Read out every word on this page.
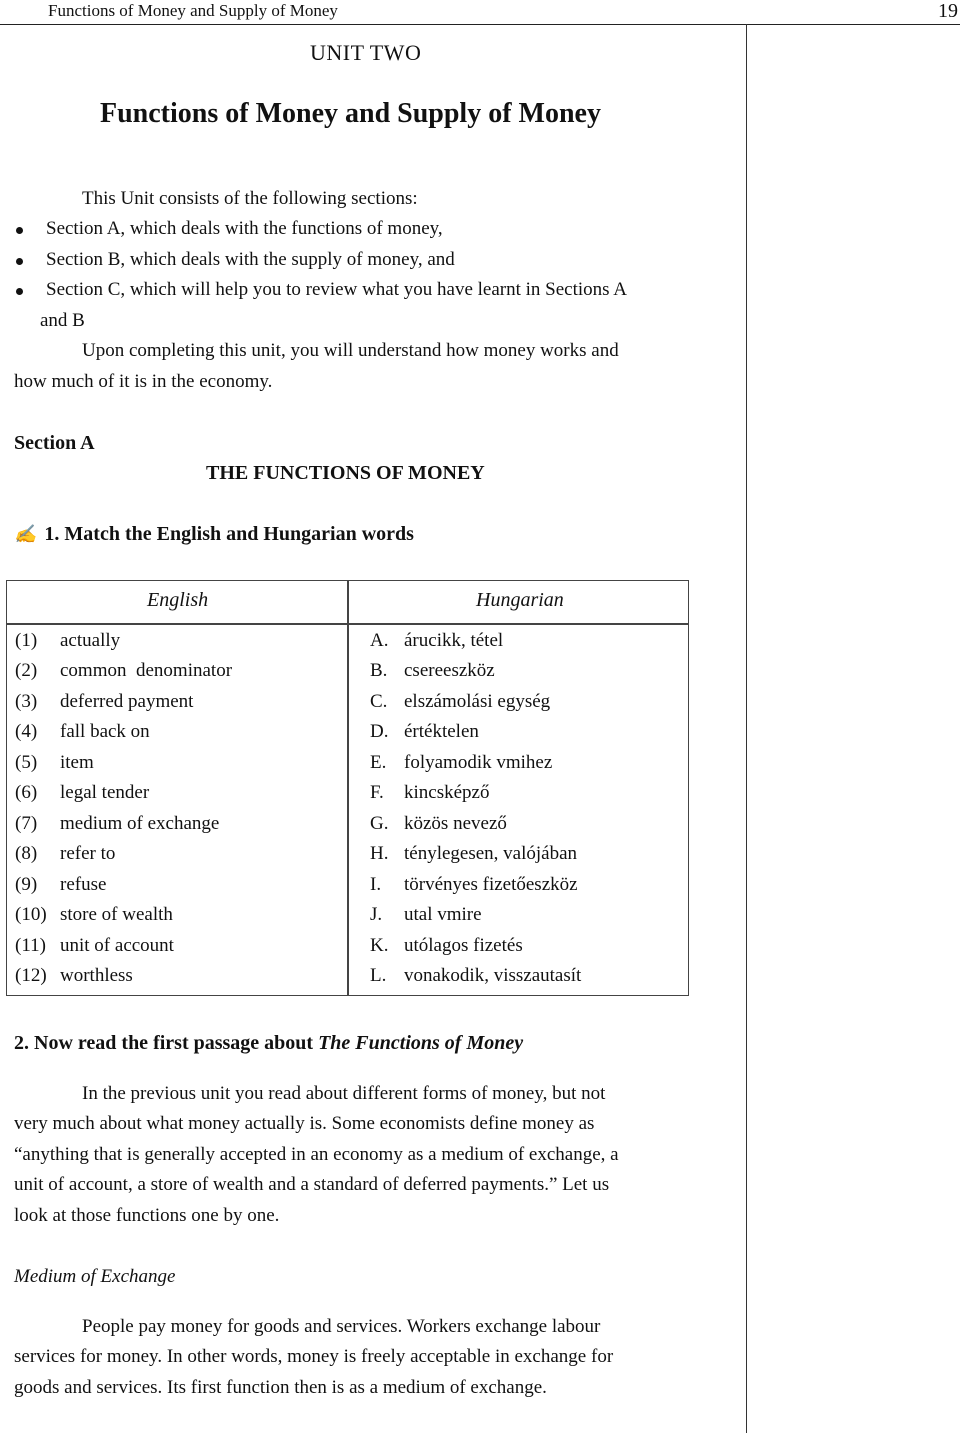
Functions of Money and Supply of Money	19
UNIT TWO
Functions of Money and Supply of Money
This Unit consists of the following sections:
Section A, which deals with the functions of money,
Section B, which deals with the supply of money, and
Section C, which will help you to review what you have learnt in Sections A
and B
Upon completing this unit, you will understand how money works and
how much of it is in the economy.
Section A
THE FUNCTIONS OF MONEY
✍ 1. Match the English and Hungarian words
English	Hungarian
(1) actually
(2) common  denominator
(3) deferred payment
(4) fall back on
(5) item
(6) legal tender
(7) medium of exchange
(8) refer to
(9) refuse
(10) store of wealth
(11) unit of account
(12) worthless
A. árucikk, tétel
B. csereeszköz
C. elszámolási egység
D. értéktelen
E. folyamodik vmihez
F. kincsképző
G. közös nevező
H. ténylegesen, valójában
I. törvényes fizetőeszköz
J. utal vmire
K. utólagos fizetés
L. vonakodik, visszautasít
2. Now read the first passage about The Functions of Money
In the previous unit you read about different forms of money, but not
very much about what money actually is. Some economists define money as
“anything that is generally accepted in an economy as a medium of exchange, a
unit of account, a store of wealth and a standard of deferred payments.” Let us
look at those functions one by one.
Medium of Exchange
People pay money for goods and services. Workers exchange labour
services for money. In other words, money is freely acceptable in exchange for
goods and services. Its first function then is as a medium of exchange.
